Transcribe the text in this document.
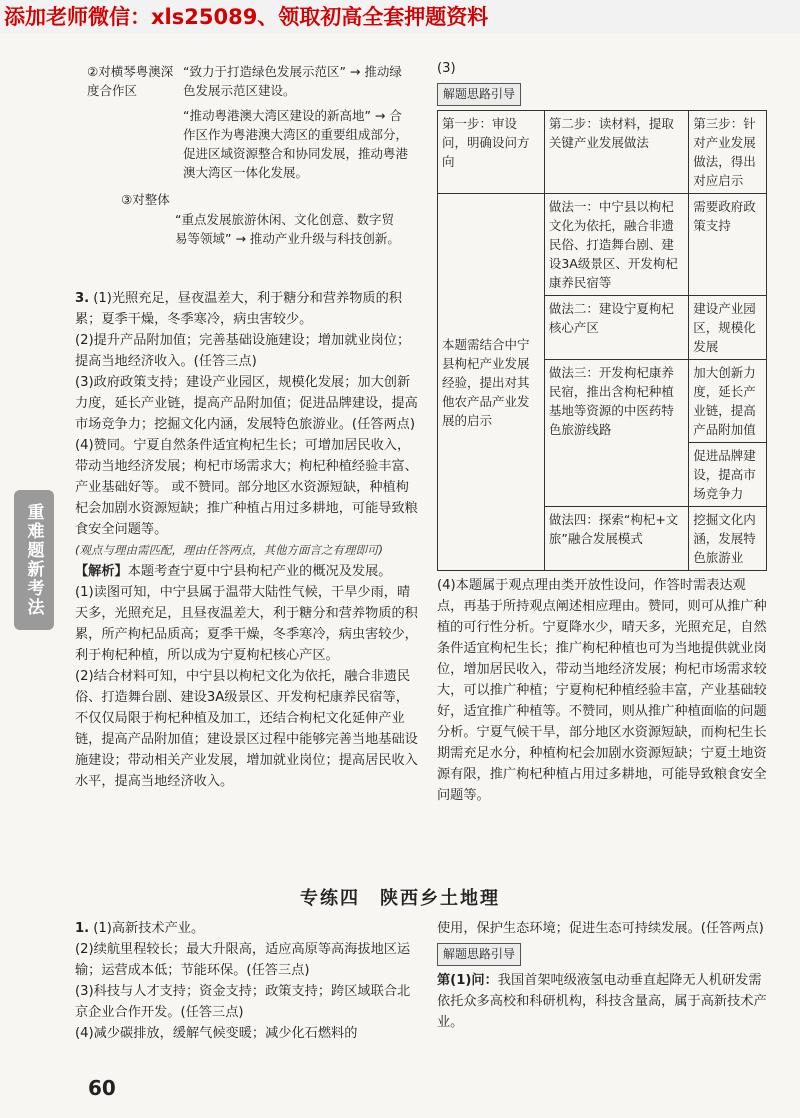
添加老师微信：xls25089、领取初高全套押题资料
重难题新考法
②对横琴粤澳深度合作区
“致力于打造绿色发展示范区” → 推动绿色发展示范区建设。
“推动粤港澳大湾区建设的新高地” → 合作区作为粤港澳大湾区的重要组成部分，促进区域资源整合和协同发展，推动粤港澳大湾区一体化发展。
③对整体
“重点发展旅游休闲、文化创意、数字贸易等领域” → 推动产业升级与科技创新。

3. (1)光照充足，昼夜温差大，利于糖分和营养物质的积累；夏季干燥，冬季寒冷，病虫害较少。

(2)提升产品附加值；完善基础设施建设；增加就业岗位；提高当地经济收入。(任答三点)

(3)政府政策支持；建设产业园区，规模化发展；加大创新力度，延长产业链，提高产品附加值；促进品牌建设，提高市场竞争力；挖掘文化内涵，发展特色旅游业。(任答两点)

(4)赞同。宁夏自然条件适宜枸杞生长；可增加居民收入，带动当地经济发展；枸杞市场需求大；枸杞种植经验丰富、产业基础好等。 或不赞同。部分地区水资源短缺，种植枸杞会加剧水资源短缺；推广种植占用过多耕地，可能导致粮食安全问题等。

(观点与理由需匹配，理由任答两点，其他方面言之有理即可)

【解析】本题考查宁夏中宁县枸杞产业的概况及发展。

(1)读图可知，中宁县属于温带大陆性气候，干旱少雨，晴天多，光照充足，且昼夜温差大，利于糖分和营养物质的积累，所产枸杞品质高；夏季干燥，冬季寒冷，病虫害较少，利于枸杞种植，所以成为宁夏枸杞核心产区。

(2)结合材料可知，中宁县以枸杞文化为依托，融合非遗民俗、打造舞台剧、建设3A级景区、开发枸杞康养民宿等，不仅仅局限于枸杞种植及加工，还结合枸杞文化延伸产业链，提高产品附加值；建设景区过程中能够完善当地基础设施建设；带动相关产业发展，增加就业岗位；提高居民收入水平，提高当地经济收入。

(3)

解题思路引导
第一步：审设问，明确设问方向	第二步：读材料，提取关键产业发展做法	第三步：针对产业发展做法，得出对应启示
本题需结合中宁县枸杞产业发展经验，提出对其他农产品产业发展的启示	做法一：中宁县以枸杞文化为依托，融合非遗民俗、打造舞台剧、建设3A级景区、开发枸杞康养民宿等	需要政府政策支持
	做法二：建设宁夏枸杞核心产区	建设产业园区，规模化发展
	做法三：开发枸杞康养民宿，推出含枸杞种植基地等资源的中医药特色旅游线路	加大创新力度，延长产业链，提高产品附加值
		促进品牌建设，提高市场竞争力
	做法四：探索“枸杞+文旅”融合发展模式	挖掘文化内涵，发展特色旅游业

(4)本题属于观点理由类开放性设问，作答时需表达观点，再基于所持观点阐述相应理由。赞同，则可从推广种植的可行性分析。宁夏降水少，晴天多，光照充足，自然条件适宜枸杞生长；推广枸杞种植也可为当地提供就业岗位，增加居民收入，带动当地经济发展；枸杞市场需求较大，可以推广种植；宁夏枸杞种植经验丰富，产业基础较好，适宜推广种植等。不赞同，则从推广种植面临的问题分析。宁夏气候干旱，部分地区水资源短缺，而枸杞生长期需充足水分，种植枸杞会加剧水资源短缺；宁夏土地资源有限，推广枸杞种植占用过多耕地，可能导致粮食安全问题等。

专练四　陕西乡土地理

1. (1)高新技术产业。

(2)续航里程较长；最大升限高，适应高原等高海拔地区运输；运营成本低；节能环保。(任答三点)

(3)科技与人才支持；资金支持；政策支持；跨区域联合北京企业合作开发。(任答三点)

(4)减少碳排放，缓解气候变暖；减少化石燃料的

使用，保护生态环境；促进生态可持续发展。(任答两点)

解题思路引导

第(1)问：我国首架吨级液氢电动垂直起降无人机研发需依托众多高校和科研机构，科技含量高，属于高新技术产业。

60
